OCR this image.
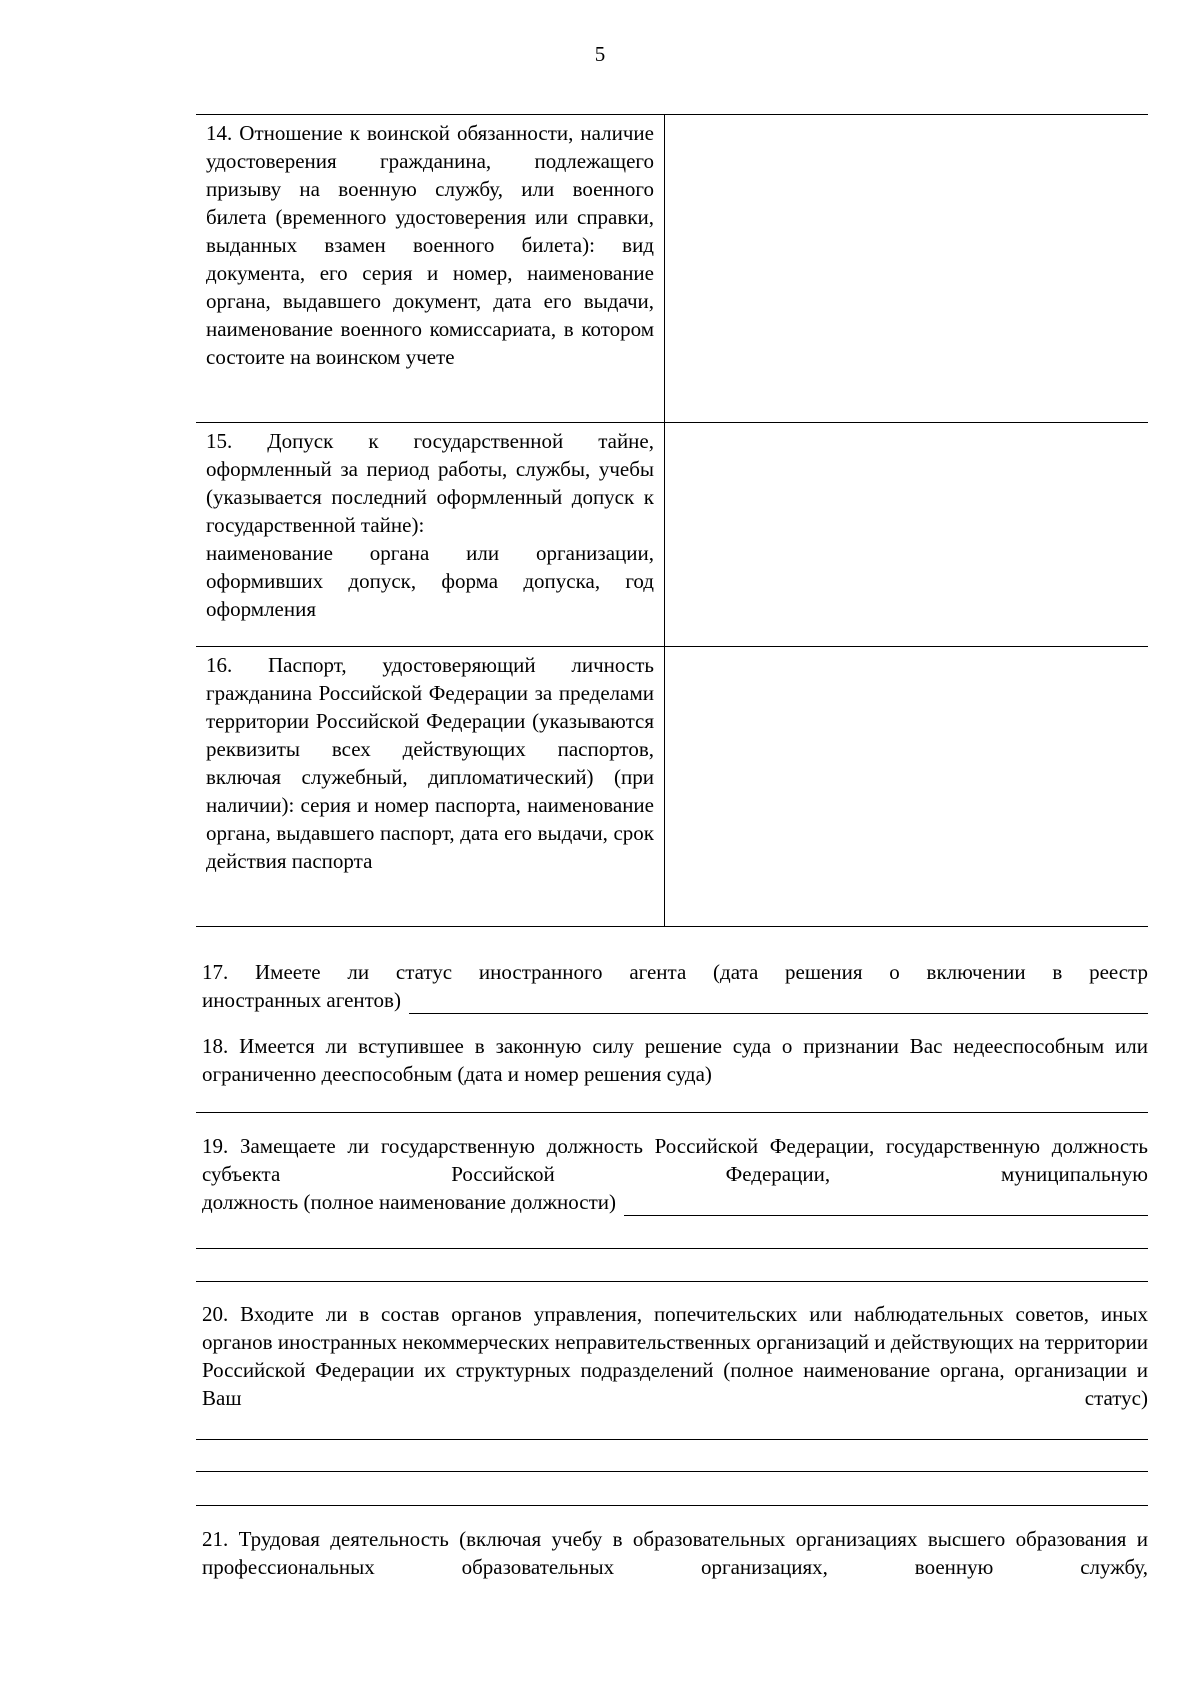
5
14. Отношение к воинской обязанности, наличие удостоверения гражданина, подлежащего призыву на военную службу, или военного билета (временного удостоверения или справки, выданных взамен военного билета): вид документа, его серия и номер, наименование органа, выдавшего документ, дата его выдачи, наименование военного комиссариата, в котором состоите на воинском учете	

15. Допуск к государственной тайне, оформленный за период работы, службы, учебы (указывается последний оформленный допуск к государственной тайне):
наименование органа или организации, оформивших допуск, форма допуска, год оформления	

16. Паспорт, удостоверяющий личность гражданина Российской Федерации за пределами территории Российской Федерации (указываются реквизиты всех действующих паспортов, включая служебный, дипломатический) (при наличии): серия и номер паспорта, наименование органа, выдавшего паспорт, дата его выдачи, срок действия паспорта	
17. Имеете ли статус иностранного агента (дата решения о включении в реестр
иностранных агентов)
18. Имеется ли вступившее в законную силу решение суда о признании Вас недееспособным или ограниченно дееспособным (дата и номер решения суда)
19. Замещаете ли государственную должность Российской Федерации, государственную должность субъекта Российской Федерации, муниципальную
должность (полное наименование должности)
20. Входите ли в состав органов управления, попечительских или наблюдательных советов, иных органов иностранных некоммерческих неправительственных организаций и действующих на территории Российской Федерации их структурных подразделений (полное наименование органа, организации и Ваш статус)
21. Трудовая деятельность (включая учебу в образовательных организациях высшего образования и профессиональных образовательных организациях, военную службу,
